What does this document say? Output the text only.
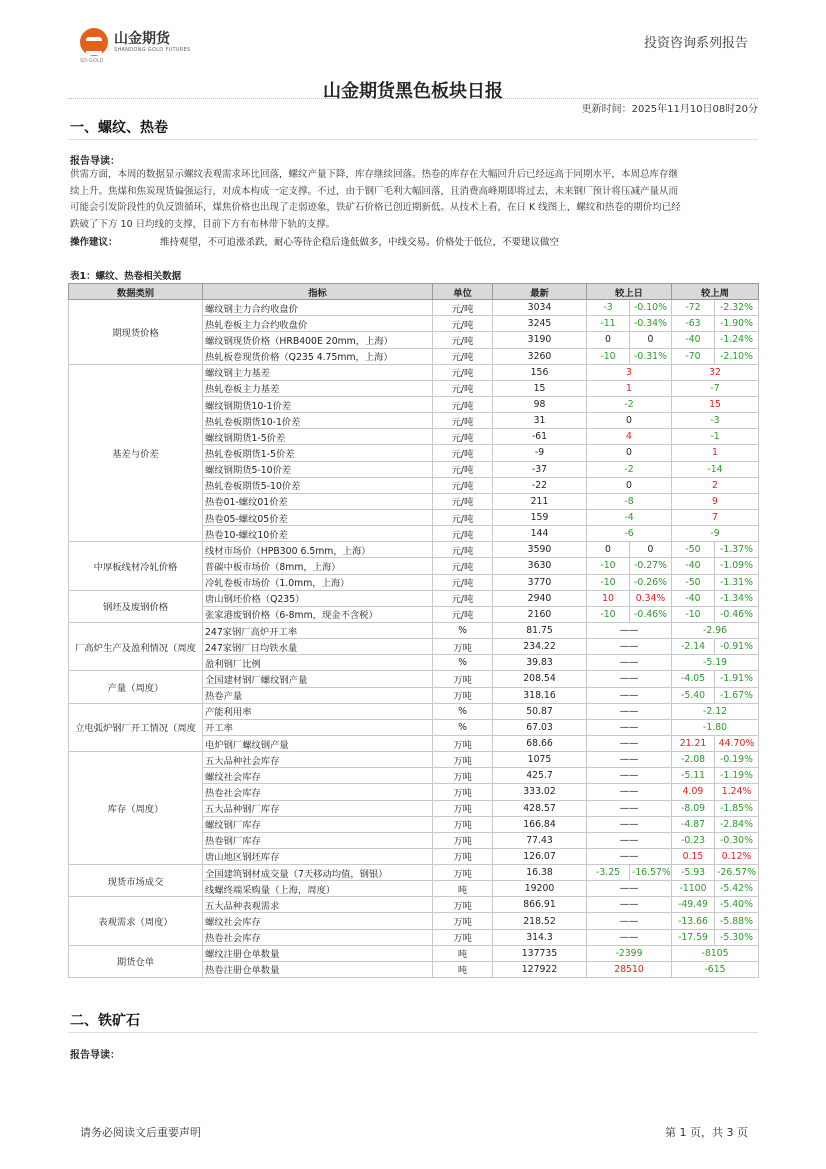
山金期货
SHANDONG GOLD FUTURES
SD-GOLD
投资咨询系列报告
山金期货黑色板块日报
更新时间：2025年11月10日08时20分
一、螺纹、热卷
报告导读：
供需方面，本周的数据显示螺纹表观需求环比回落，螺纹产量下降，库存继续回落。热卷的库存在大幅回升后已经远高于同期水平，本周总库存继
续上升。焦煤和焦炭现货偏强运行，对成本构成一定支撑。不过，由于钢厂毛利大幅回落，且消费高峰期即将过去，未来钢厂预计将压减产量从而
可能会引发阶段性的负反馈循环，煤焦价格也出现了走弱迹象，铁矿石价格已创近期新低。从技术上看，在日 K 线图上，螺纹和热卷的期价均已经
跌破了下方 10 日均线的支撑，目前下方有布林带下轨的支撑。
操作建议：	维持观望，不可追涨杀跌，耐心等待企稳后逢低做多，中线交易。价格处于低位，不要建议做空
表1：螺纹、热卷相关数据
数据类别	指标	单位	最新	较上日		较上周	
期现货价格	螺纹钢主力合约收盘价	元/吨	3034	-3	-0.10%	-72	-2.32%
	热轧卷板主力合约收盘价	元/吨	3245	-11	-0.34%	-63	-1.90%
	螺纹钢现货价格（HRB400E 20mm，上海）	元/吨	3190	0	0	-40	-1.24%
	热轧板卷现货价格（Q235 4.75mm，上海）	元/吨	3260	-10	-0.31%	-70	-2.10%
基差与价差	螺纹钢主力基差	元/吨	156	3		32	
	热轧卷板主力基差	元/吨	15	1		-7	
	螺纹钢期货10-1价差	元/吨	98	-2		15	
	热轧卷板期货10-1价差	元/吨	31	0		-3	
	螺纹钢期货1-5价差	元/吨	-61	4		-1	
	热轧卷板期货1-5价差	元/吨	-9	0		1	
	螺纹钢期货5-10价差	元/吨	-37	-2		-14	
	热轧卷板期货5-10价差	元/吨	-22	0		2	
	热卷01-螺纹01价差	元/吨	211	-8		9	
	热卷05-螺纹05价差	元/吨	159	-4		7	
	热卷10-螺纹10价差	元/吨	144	-6		-9	
中厚板线材冷轧价格	线材市场价（HPB300 6.5mm，上海）	元/吨	3590	0	0	-50	-1.37%
	普碳中板市场价（8mm，上海）	元/吨	3630	-10	-0.27%	-40	-1.09%
	冷轧卷板市场价（1.0mm，上海）	元/吨	3770	-10	-0.26%	-50	-1.31%
钢坯及废钢价格	唐山钢坯价格（Q235）	元/吨	2940	10	0.34%	-40	-1.34%
	张家港废钢价格（6-8mm，现金不含税）	元/吨	2160	-10	-0.46%	-10	-0.46%
厂高炉生产及盈利情况（周度	247家钢厂高炉开工率	%	81.75	——		-2.96	
	247家钢厂日均铁水量	万吨	234.22	——		-2.14	-0.91%
	盈利钢厂比例	%	39.83	——		-5.19	
产量（周度）	全国建材钢厂螺纹钢产量	万吨	208.54	——		-4.05	-1.91%
	热卷产量	万吨	318.16	——		-5.40	-1.67%
立电弧炉钢厂开工情况（周度	产能利用率	%	50.87	——		-2.12	
	开工率	%	67.03	——		-1.80	
	电炉钢厂螺纹钢产量	万吨	68.66	——		21.21	44.70%
库存（周度）	五大品种社会库存	万吨	1075	——		-2.08	-0.19%
	螺纹社会库存	万吨	425.7	——		-5.11	-1.19%
	热卷社会库存	万吨	333.02	——		4.09	1.24%
	五大品种钢厂库存	万吨	428.57	——		-8.09	-1.85%
	螺纹钢厂库存	万吨	166.84	——		-4.87	-2.84%
	热卷钢厂库存	万吨	77.43	——		-0.23	-0.30%
	唐山地区钢坯库存	万吨	126.07	——		0.15	0.12%
现货市场成交	全国建筑钢材成交量（7天移动均值，钢银）	万吨	16.38	-3.25	-16.57%	-5.93	-26.57%
	线螺终端采购量（上海，周度）	吨	19200	——		-1100	-5.42%
表观需求（周度）	五大品种表观需求	万吨	866.91	——		-49.49	-5.40%
	螺纹社会库存	万吨	218.52	——		-13.66	-5.88%
	热卷社会库存	万吨	314.3	——		-17.59	-5.30%
期货仓单	螺纹注册仓单数量	吨	137735	-2399		-8105	
	热卷注册仓单数量	吨	127922	28510		-615	
二、铁矿石
报告导读：
请务必阅读文后重要声明	第 1 页，共 3 页
